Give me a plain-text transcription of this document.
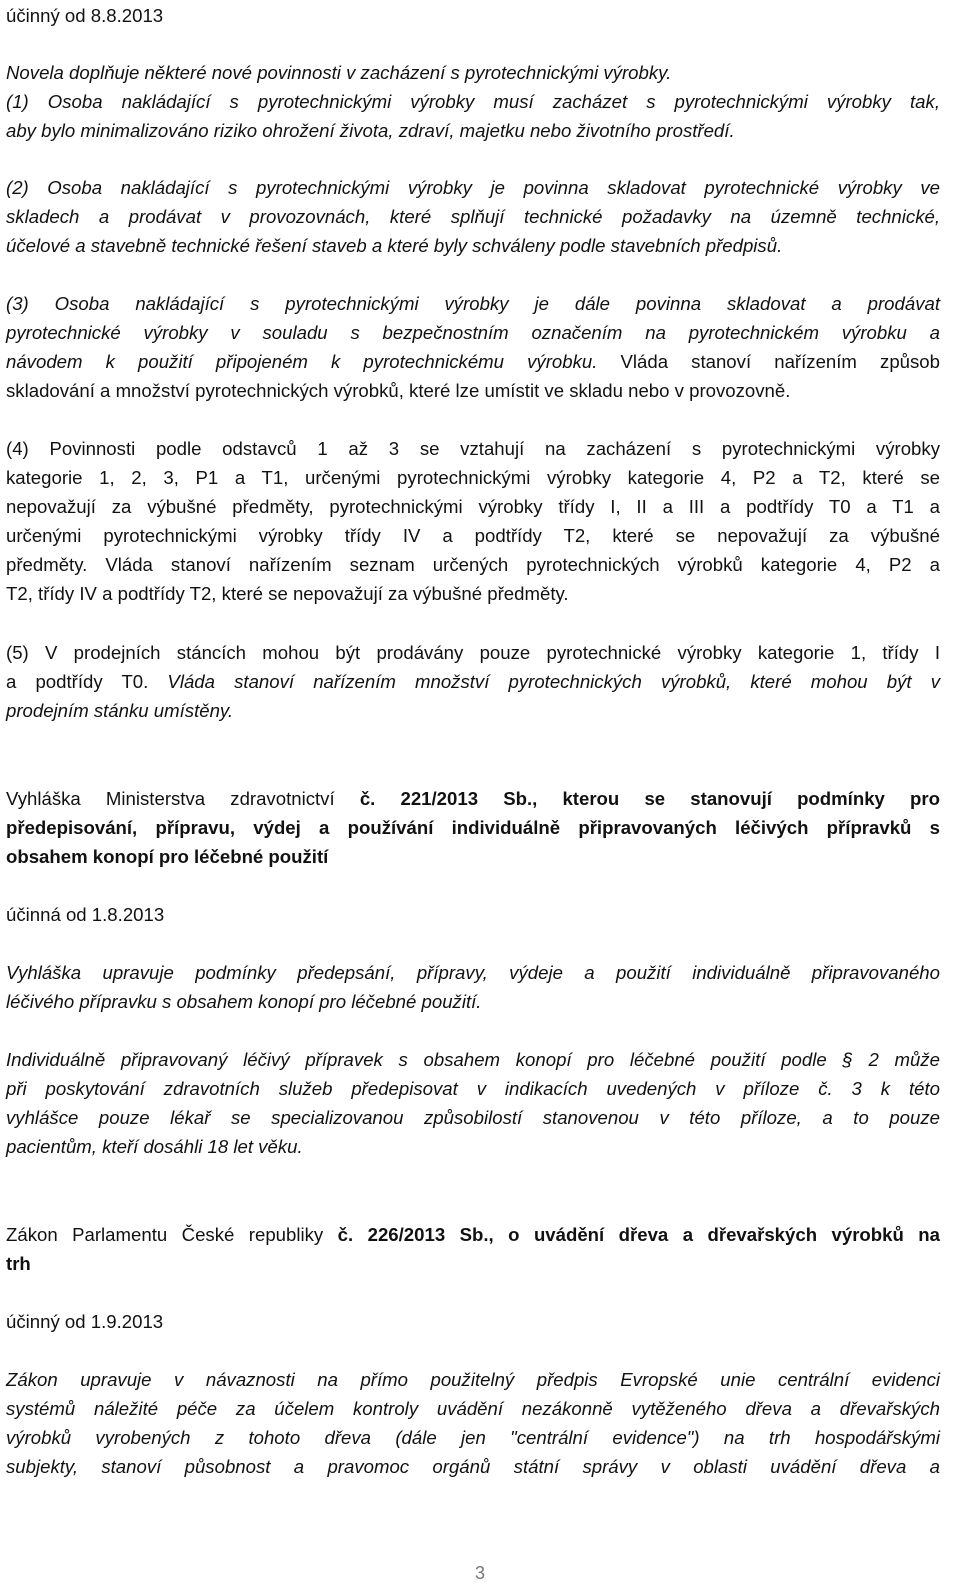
účinný od 8.8.2013
Novela doplňuje některé nové povinnosti v zacházení s pyrotechnickými výrobky.
(1) Osoba nakládající s pyrotechnickými výrobky musí zacházet s pyrotechnickými výrobky tak,
aby bylo minimalizováno riziko ohrožení života, zdraví, majetku nebo životního prostředí.
(2) Osoba nakládající s pyrotechnickými výrobky je povinna skladovat pyrotechnické výrobky ve
skladech a prodávat v provozovnách, které splňují technické požadavky na územně technické,
účelové a stavebně technické řešení staveb a které byly schváleny podle stavebních předpisů.
(3) Osoba nakládající s pyrotechnickými výrobky je dále povinna skladovat a prodávat
pyrotechnické výrobky v souladu s bezpečnostním označením na pyrotechnickém výrobku a
návodem k použití připojeném k pyrotechnickému výrobku. Vláda stanoví nařízením způsob
skladování a množství pyrotechnických výrobků, které lze umístit ve skladu nebo v provozovně.
(4) Povinnosti podle odstavců 1 až 3 se vztahují na zacházení s pyrotechnickými výrobky
kategorie 1, 2, 3, P1 a T1, určenými pyrotechnickými výrobky kategorie 4, P2 a T2, které se
nepovažují za výbušné předměty, pyrotechnickými výrobky třídy I, II a III a podtřídy T0 a T1 a
určenými pyrotechnickými výrobky třídy IV a podtřídy T2, které se nepovažují za výbušné
předměty. Vláda stanoví nařízením seznam určených pyrotechnických výrobků kategorie 4, P2 a
T2, třídy IV a podtřídy T2, které se nepovažují za výbušné předměty.
(5) V prodejních stáncích mohou být prodávány pouze pyrotechnické výrobky kategorie 1, třídy I
a podtřídy T0. Vláda stanoví nařízením množství pyrotechnických výrobků, které mohou být v
prodejním stánku umístěny.
Vyhláška Ministerstva zdravotnictví č. 221/2013 Sb., kterou se stanovují podmínky pro
předepisování, přípravu, výdej a používání individuálně připravovaných léčivých přípravků s
obsahem konopí pro léčebné použití
účinná od 1.8.2013
Vyhláška upravuje podmínky předepsání, přípravy, výdeje a použití individuálně připravovaného
léčivého přípravku s obsahem konopí pro léčebné použití.
Individuálně připravovaný léčivý přípravek s obsahem konopí pro léčebné použití podle § 2 může
při poskytování zdravotních služeb předepisovat v indikacích uvedených v příloze č. 3 k této
vyhlášce pouze lékař se specializovanou způsobilostí stanovenou v této příloze, a to pouze
pacientům, kteří dosáhli 18 let věku.
Zákon Parlamentu České republiky č. 226/2013 Sb., o uvádění dřeva a dřevařských výrobků na
trh
účinný od 1.9.2013
Zákon upravuje v návaznosti na přímo použitelný předpis Evropské unie centrální evidenci
systémů náležité péče za účelem kontroly uvádění nezákonně vytěženého dřeva a dřevařských
výrobků vyrobených z tohoto dřeva (dále jen "centrální evidence") na trh hospodářskými
subjekty, stanoví působnost a pravomoc orgánů státní správy v oblasti uvádění dřeva a
3
